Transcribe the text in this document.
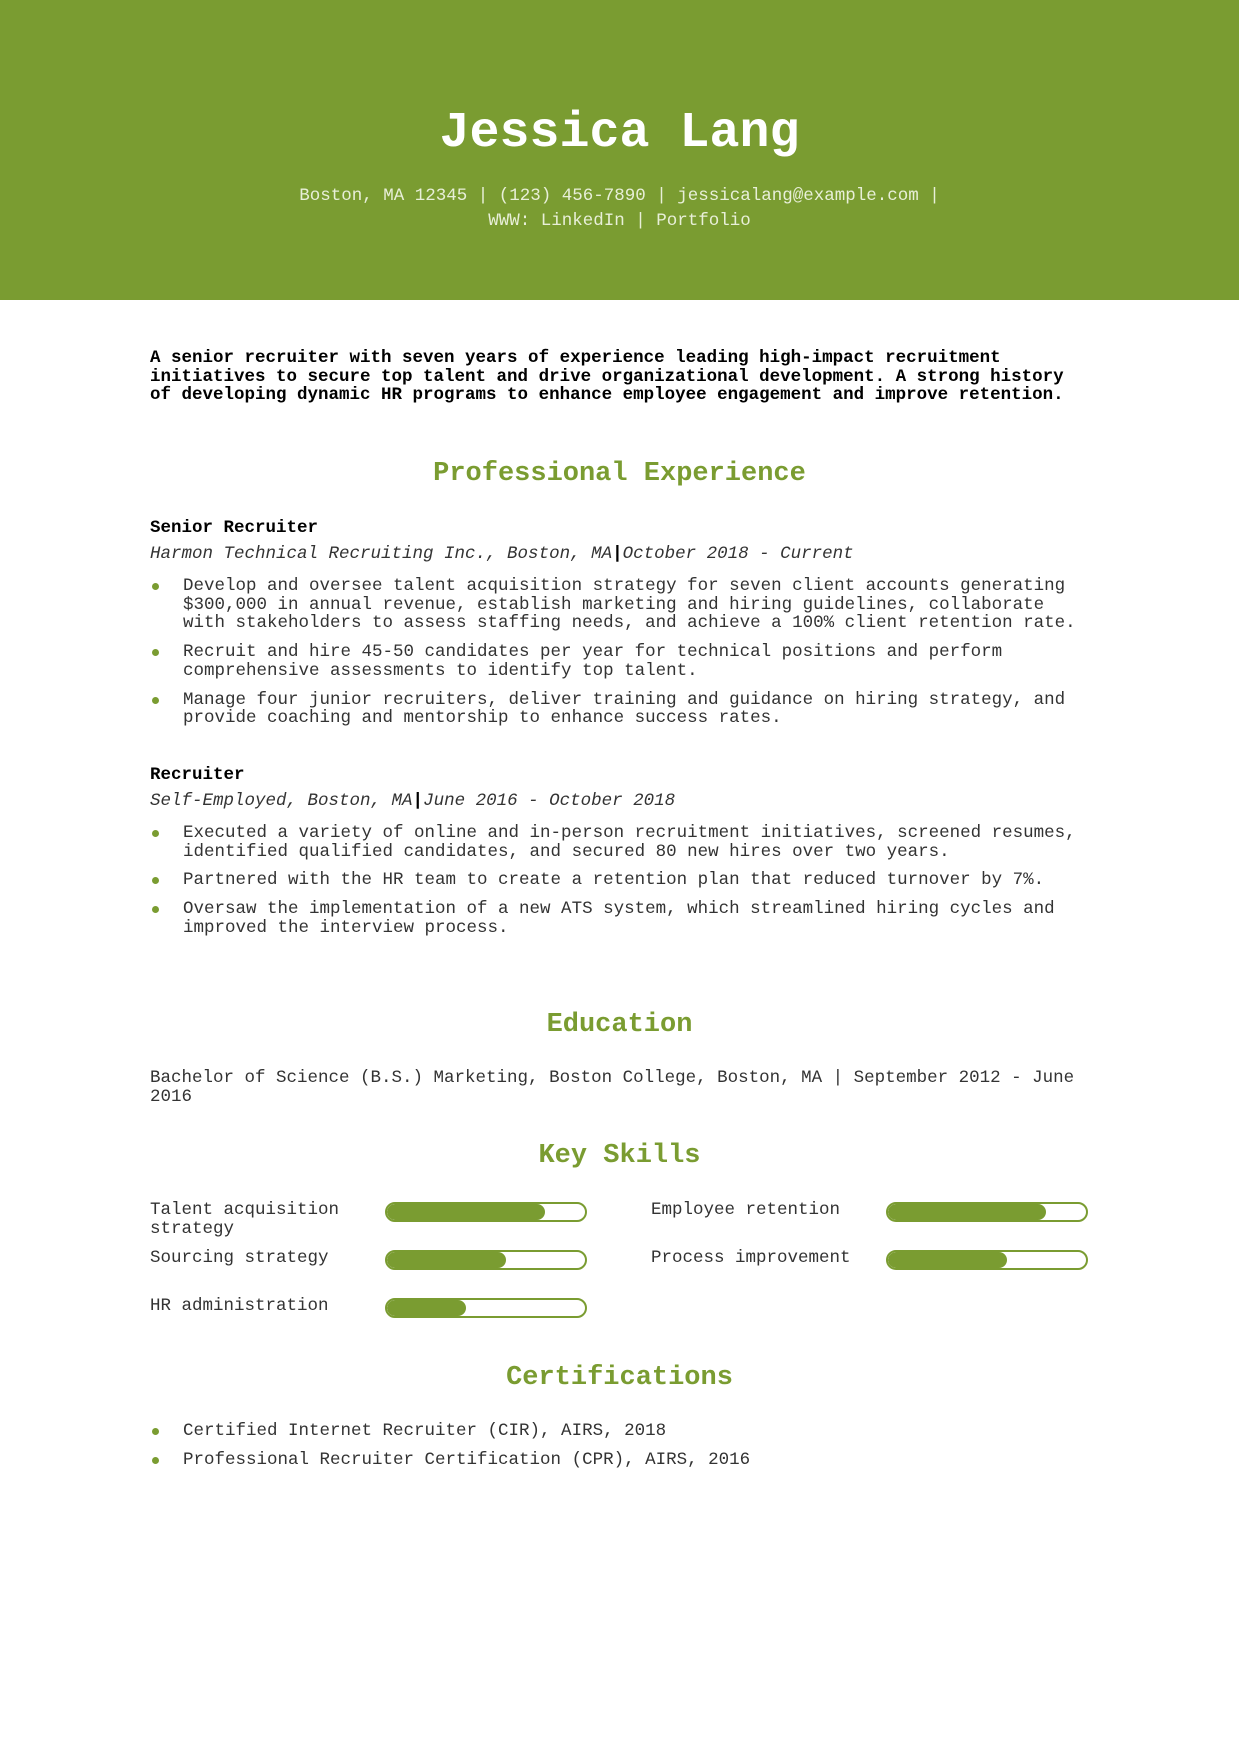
Jessica Lang
Boston, MA 12345 | (123) 456-7890 | jessicalang@example.com |
WWW: LinkedIn | Portfolio
A senior recruiter with seven years of experience leading high-impact recruitment initiatives to secure top talent and drive organizational development. A strong history of developing dynamic HR programs to enhance employee engagement and improve retention.
Professional Experience
Senior Recruiter
Harmon Technical Recruiting Inc., Boston, MA|October 2018 - Current
Develop and oversee talent acquisition strategy for seven client accounts generating $300,000 in annual revenue, establish marketing and hiring guidelines, collaborate with stakeholders to assess staffing needs, and achieve a 100% client retention rate.
Recruit and hire 45-50 candidates per year for technical positions and perform comprehensive assessments to identify top talent.
Manage four junior recruiters, deliver training and guidance on hiring strategy, and provide coaching and mentorship to enhance success rates.
Recruiter
Self-Employed, Boston, MA|June 2016 - October 2018
Executed a variety of online and in-person recruitment initiatives, screened resumes, identified qualified candidates, and secured 80 new hires over two years.
Partnered with the HR team to create a retention plan that reduced turnover by 7%.
Oversaw the implementation of a new ATS system, which streamlined hiring cycles and improved the interview process.
Education
Bachelor of Science (B.S.) Marketing, Boston College, Boston, MA | September 2012 - June 2016
Key Skills
Talent acquisition strategy
Employee retention
Sourcing strategy	Process improvement
HR administration
Certifications
Certified Internet Recruiter (CIR), AIRS, 2018
Professional Recruiter Certification (CPR), AIRS, 2016
